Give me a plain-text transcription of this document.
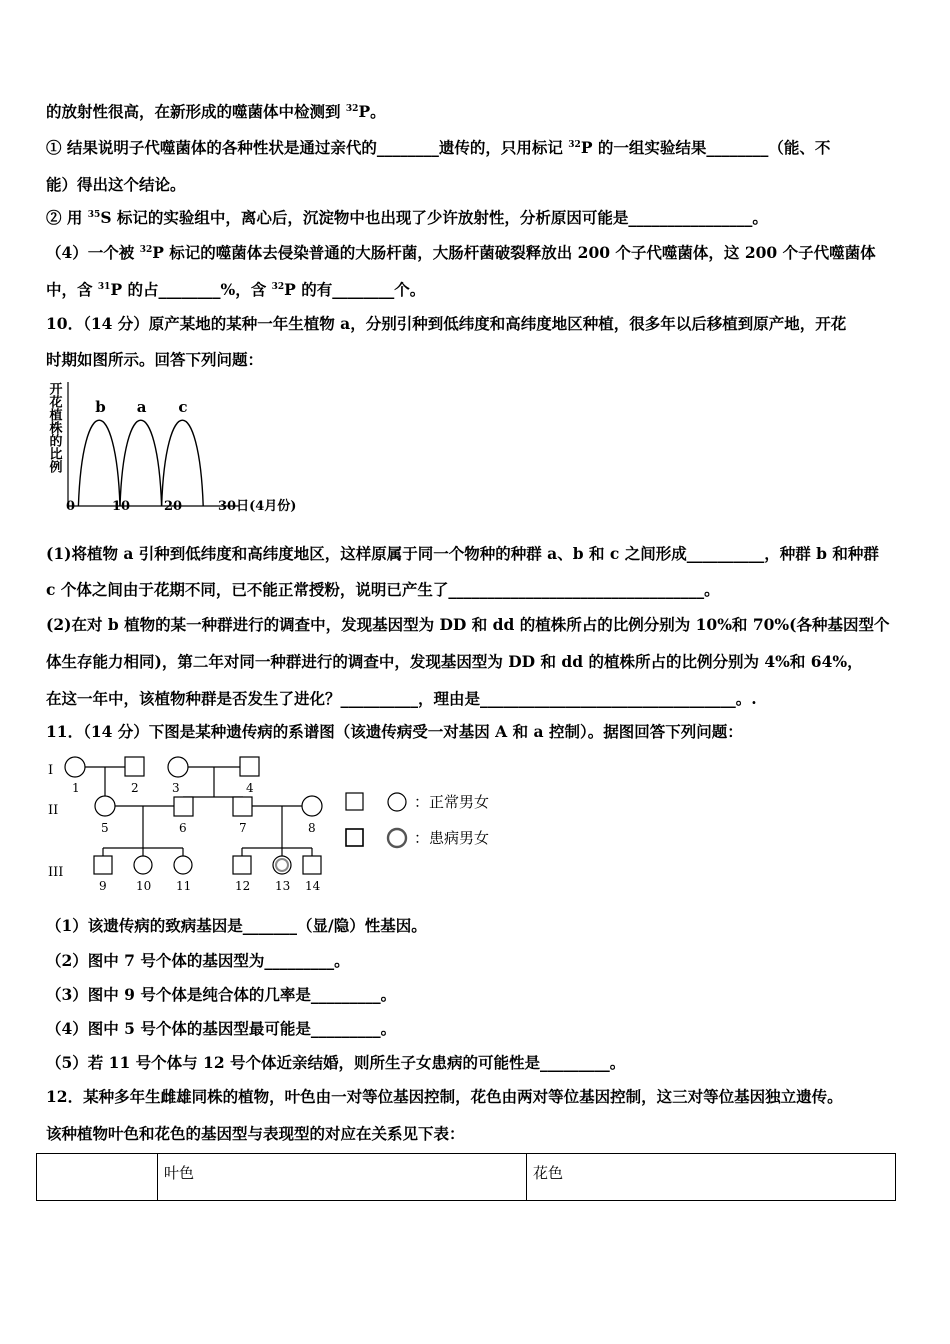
的放射性很高，在新形成的噬菌体中检测到 $^{32}$P。
① 结果说明子代噬菌体的各种性状是通过亲代的________遗传的，只用标记 $^{32}$P 的一组实验结果________（能、不
能）得出这个结论。
② 用 $^{35}$S 标记的实验组中，离心后，沉淀物中也出现了少许放射性，分析原因可能是________________。
（4）一个被 $^{32}$P 标记的噬菌体去侵染普通的大肠杆菌，大肠杆菌破裂释放出 200 个子代噬菌体，这 200 个子代噬菌体
中，含 $^{31}$P 的占________%，含 $^{32}$P 的有________个。
10．（14 分）原产某地的某种一年生植物 a，分别引种到低纬度和高纬度地区种植，很多年以后移植到原产地，开花
时期如图所示。回答下列问题：
开花植株的比例
0	10	20	30日(4月份)
b a c
(1)将植物 a 引种到低纬度和高纬度地区，这样原属于同一个物种的种群 a、b 和 c 之间形成__________，种群 b 和种群
c 个体之间由于花期不同，已不能正常授粉，说明已产生了_________________________________。
(2)在对 b 植物的某一种群进行的调查中，发现基因型为 DD 和 dd 的植株所占的比例分别为 10%和 70%(各种基因型个
体生存能力相同)，第二年对同一种群进行的调查中，发现基因型为 DD 和 dd 的植株所占的比例分别为 4%和 64%，
在这一年中，该植物种群是否发生了进化？__________，理由是_________________________________。.
11．（14 分）下图是某种遗传病的系谱图（该遗传病受一对基因 A 和 a 控制）。据图回答下列问题：
I
II
III
1	2	3	4
5	6	7	8
9 10 11	12 13 14
：正常男女
：患病男女
（1）该遗传病的致病基因是_______（显/隐）性基因。
（2）图中 7 号个体的基因型为_________。
（3）图中 9 号个体是纯合体的几率是_________。
（4）图中 5 号个体的基因型最可能是_________。
（5）若 11 号个体与 12 号个体近亲结婚，则所生子女患病的可能性是_________。
12．某种多年生雌雄同株的植物，叶色由一对等位基因控制，花色由两对等位基因控制，这三对等位基因独立遗传。
该种植物叶色和花色的基因型与表现型的对应在关系见下表：
	叶色	花色
